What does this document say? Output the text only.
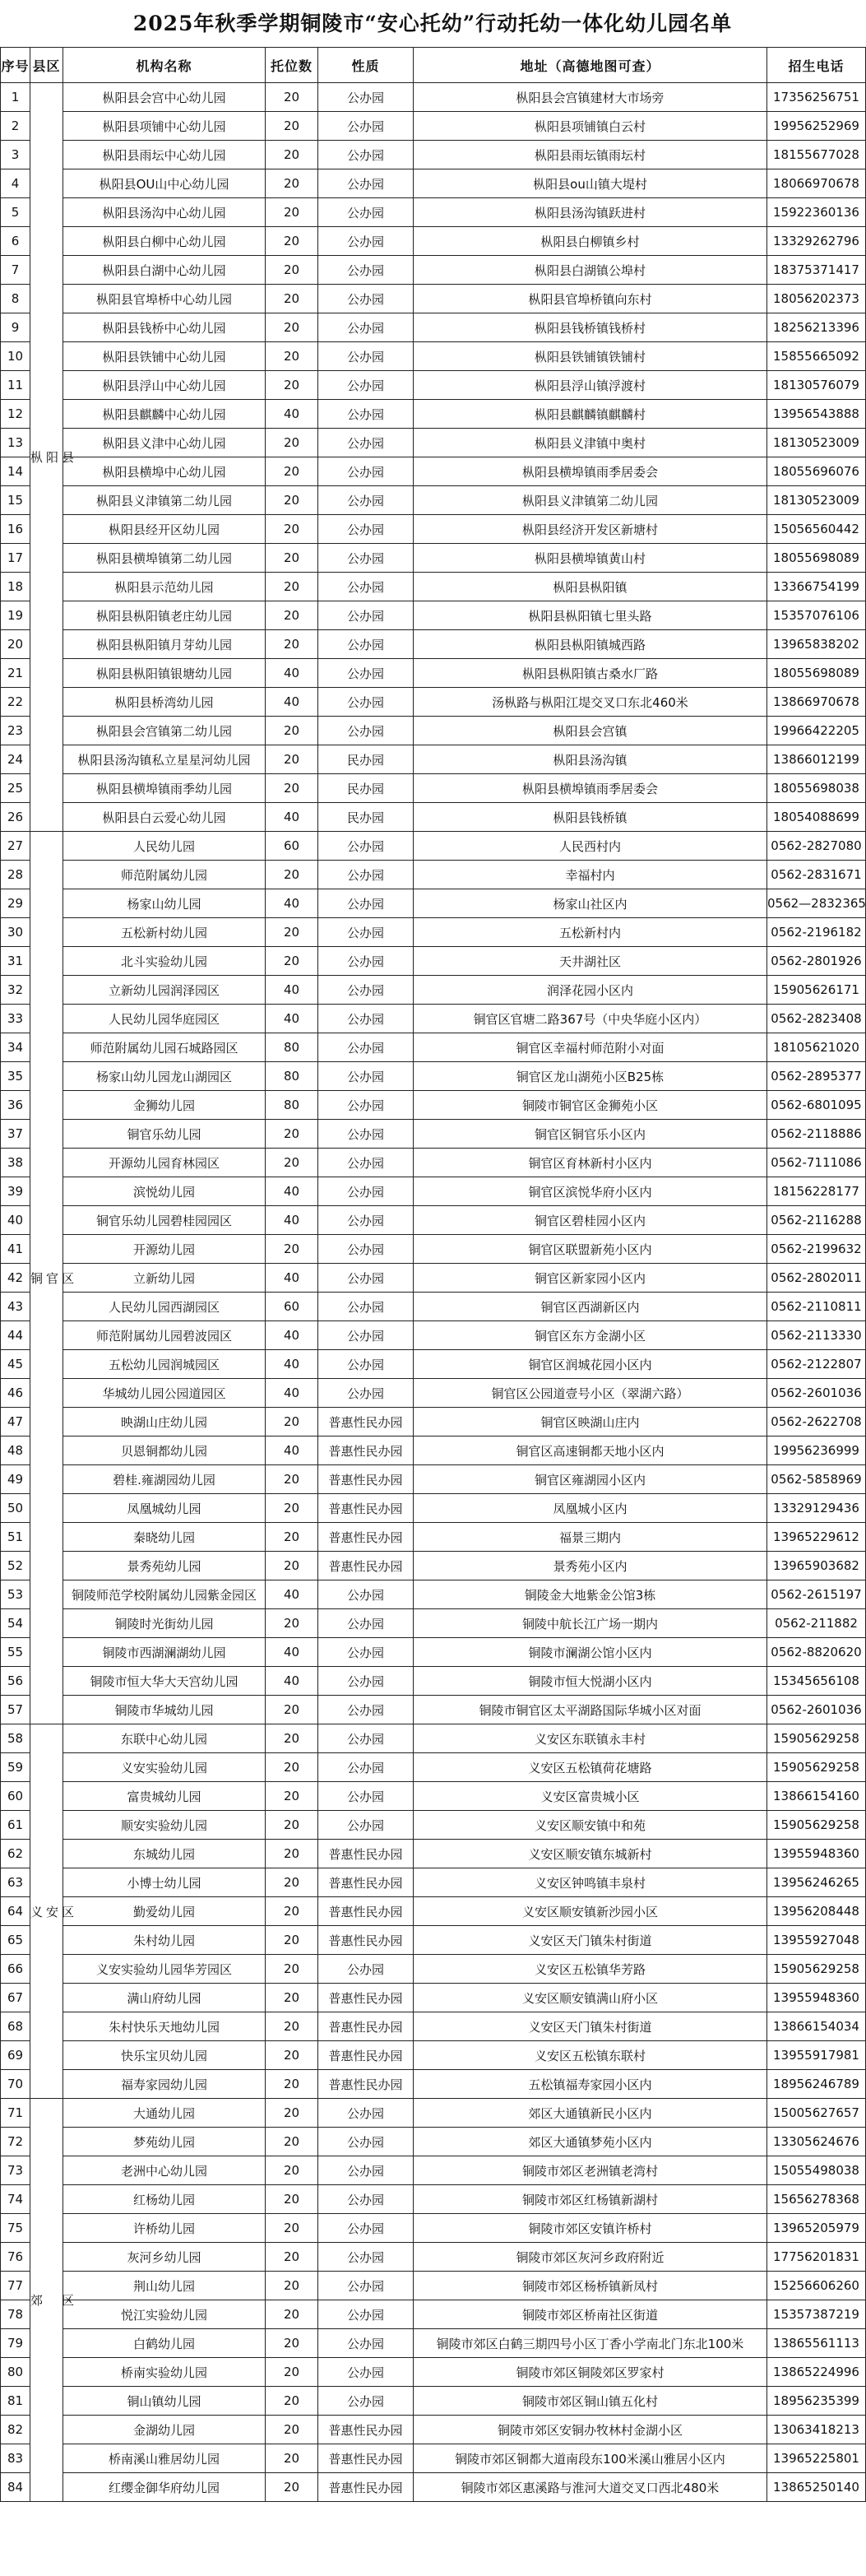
2025年秋季学期铜陵市“安心托幼”行动托幼一体化幼儿园名单
序号	县区	机构名称	托位数	性质	地址（高德地图可查）	招生电话
1	枞阳县	枞阳县会宫中心幼儿园	20	公办园	枞阳县会宫镇建材大市场旁	17356256751
2		枞阳县项铺中心幼儿园	20	公办园	枞阳县项铺镇白云村	19956252969
3		枞阳县雨坛中心幼儿园	20	公办园	枞阳县雨坛镇雨坛村	18155677028
4		枞阳县OU山中心幼儿园	20	公办园	枞阳县ou山镇大堤村	18066970678
5		枞阳县汤沟中心幼儿园	20	公办园	枞阳县汤沟镇跃进村	15922360136
6		枞阳县白柳中心幼儿园	20	公办园	枞阳县白柳镇乡村	13329262796
7		枞阳县白湖中心幼儿园	20	公办园	枞阳县白湖镇公埠村	18375371417
8		枞阳县官埠桥中心幼儿园	20	公办园	枞阳县官埠桥镇向东村	18056202373
9		枞阳县钱桥中心幼儿园	20	公办园	枞阳县钱桥镇钱桥村	18256213396
10		枞阳县铁铺中心幼儿园	20	公办园	枞阳县铁铺镇铁铺村	15855665092
11		枞阳县浮山中心幼儿园	20	公办园	枞阳县浮山镇浮渡村	18130576079
12		枞阳县麒麟中心幼儿园	40	公办园	枞阳县麒麟镇麒麟村	13956543888
13		枞阳县义津中心幼儿园	20	公办园	枞阳县义津镇中奥村	18130523009
14		枞阳县横埠中心幼儿园	20	公办园	枞阳县横埠镇雨季居委会	18055696076
15		枞阳县义津镇第二幼儿园	20	公办园	枞阳县义津镇第二幼儿园	18130523009
16		枞阳县经开区幼儿园	20	公办园	枞阳县经济开发区新塘村	15056560442
17		枞阳县横埠镇第二幼儿园	20	公办园	枞阳县横埠镇黄山村	18055698089
18		枞阳县示范幼儿园	20	公办园	枞阳县枞阳镇	13366754199
19		枞阳县枞阳镇老庄幼儿园	20	公办园	枞阳县枞阳镇七里头路	15357076106
20		枞阳县枞阳镇月芽幼儿园	20	公办园	枞阳县枞阳镇城西路	13965838202
21		枞阳县枞阳镇银塘幼儿园	40	公办园	枞阳县枞阳镇古桑水厂路	18055698089
22		枞阳县桥湾幼儿园	40	公办园	汤枞路与枞阳江堤交叉口东北460米	13866970678
23		枞阳县会宫镇第二幼儿园	20	公办园	枞阳县会宫镇	19966422205
24		枞阳县汤沟镇私立星星河幼儿园	20	民办园	枞阳县汤沟镇	13866012199
25		枞阳县横埠镇雨季幼儿园	20	民办园	枞阳县横埠镇雨季居委会	18055698038
26		枞阳县白云爱心幼儿园	40	民办园	枞阳县钱桥镇	18054088699
27	铜官区	人民幼儿园	60	公办园	人民西村内	0562-2827080
28		师范附属幼儿园	20	公办园	幸福村内	0562-2831671
29		杨家山幼儿园	40	公办园	杨家山社区内	0562—2832365
30		五松新村幼儿园	20	公办园	五松新村内	0562-2196182
31		北斗实验幼儿园	20	公办园	天井湖社区	0562-2801926
32		立新幼儿园润泽园区	40	公办园	润泽花园小区内	15905626171
33		人民幼儿园华庭园区	40	公办园	铜官区官塘二路367号（中央华庭小区内）	0562-2823408
34		师范附属幼儿园石城路园区	80	公办园	铜官区幸福村师范附小对面	18105621020
35		杨家山幼儿园龙山湖园区	80	公办园	铜官区龙山湖苑小区B25栋	0562-2895377
36		金狮幼儿园	80	公办园	铜陵市铜官区金狮苑小区	0562-6801095
37		铜官乐幼儿园	20	公办园	铜官区铜官乐小区内	0562-2118886
38		开源幼儿园育林园区	20	公办园	铜官区育林新村小区内	0562-7111086
39		滨悦幼儿园	40	公办园	铜官区滨悦华府小区内	18156228177
40		铜官乐幼儿园碧桂园园区	40	公办园	铜官区碧桂园小区内	0562-2116288
41		开源幼儿园	20	公办园	铜官区联盟新苑小区内	0562-2199632
42		立新幼儿园	40	公办园	铜官区新家园小区内	0562-2802011
43		人民幼儿园西湖园区	60	公办园	铜官区西湖新区内	0562-2110811
44		师范附属幼儿园碧波园区	40	公办园	铜官区东方金湖小区	0562-2113330
45		五松幼儿园润城园区	40	公办园	铜官区润城花园小区内	0562-2122807
46		华城幼儿园公园道园区	40	公办园	铜官区公园道壹号小区（翠湖六路）	0562-2601036
47		映湖山庄幼儿园	20	普惠性民办园	铜官区映湖山庄内	0562-2622708
48		贝恩铜都幼儿园	40	普惠性民办园	铜官区高速铜都天地小区内	19956236999
49		碧桂.雍湖园幼儿园	20	普惠性民办园	铜官区雍湖园小区内	0562-5858969
50		凤凰城幼儿园	20	普惠性民办园	凤凰城小区内	13329129436
51		秦晓幼儿园	20	普惠性民办园	福景三期内	13965229612
52		景秀苑幼儿园	20	普惠性民办园	景秀苑小区内	13965903682
53		铜陵师范学校附属幼儿园紫金园区	40	公办园	铜陵金大地紫金公馆3栋	0562-2615197
54		铜陵时光街幼儿园	20	公办园	铜陵中航长江广场一期内	0562-211882
55		铜陵市西湖澜湖幼儿园	40	公办园	铜陵市澜湖公馆小区内	0562-8820620
56		铜陵市恒大华大天宫幼儿园	40	公办园	铜陵市恒大悦湖小区内	15345656108
57		铜陵市华城幼儿园	20	公办园	铜陵市铜官区太平湖路国际华城小区对面	0562-2601036
58	义安区	东联中心幼儿园	20	公办园	义安区东联镇永丰村	15905629258
59		义安实验幼儿园	20	公办园	义安区五松镇荷花塘路	15905629258
60		富贵城幼儿园	20	公办园	义安区富贵城小区	13866154160
61		顺安实验幼儿园	20	公办园	义安区顺安镇中和苑	15905629258
62		东城幼儿园	20	普惠性民办园	义安区顺安镇东城新村	13955948360
63		小博士幼儿园	20	普惠性民办园	义安区钟鸣镇丰泉村	13956246265
64		勤爱幼儿园	20	普惠性民办园	义安区顺安镇新沙园小区	13956208448
65		朱村幼儿园	20	普惠性民办园	义安区天门镇朱村街道	13955927048
66		义安实验幼儿园华芳园区	20	公办园	义安区五松镇华芳路	15905629258
67		满山府幼儿园	20	普惠性民办园	义安区顺安镇满山府小区	13955948360
68		朱村快乐天地幼儿园	20	普惠性民办园	义安区天门镇朱村街道	13866154034
69		快乐宝贝幼儿园	20	普惠性民办园	义安区五松镇东联村	13955917981
70		福寿家园幼儿园	20	普惠性民办园	五松镇福寿家园小区内	18956246789
71	郊　区	大通幼儿园	20	公办园	郊区大通镇新民小区内	15005627657
72		梦苑幼儿园	20	公办园	郊区大通镇梦苑小区内	13305624676
73		老洲中心幼儿园	20	公办园	铜陵市郊区老洲镇老湾村	15055498038
74		红杨幼儿园	20	公办园	铜陵市郊区红杨镇新湖村	15656278368
75		许桥幼儿园	20	公办园	铜陵市郊区安镇许桥村	13965205979
76		灰河乡幼儿园	20	公办园	铜陵市郊区灰河乡政府附近	17756201831
77		荆山幼儿园	20	公办园	铜陵市郊区杨桥镇新凤村	15256606260
78		悦江实验幼儿园	20	公办园	铜陵市郊区桥南社区街道	15357387219
79		白鹤幼儿园	20	公办园	铜陵市郊区白鹤三期四号小区丁香小学南北门东北100米	13865561113
80		桥南实验幼儿园	20	公办园	铜陵市郊区铜陵郊区罗家村	13865224996
81		铜山镇幼儿园	20	公办园	铜陵市郊区铜山镇五化村	18956235399
82		金湖幼儿园	20	普惠性民办园	铜陵市郊区安铜办牧林村金湖小区	13063418213
83		桥南溪山雅居幼儿园	20	普惠性民办园	铜陵市郊区铜都大道南段东100米溪山雅居小区内	13965225801
84		红缨金御华府幼儿园	20	普惠性民办园	铜陵市郊区惠溪路与淮河大道交叉口西北480米	13865250140
